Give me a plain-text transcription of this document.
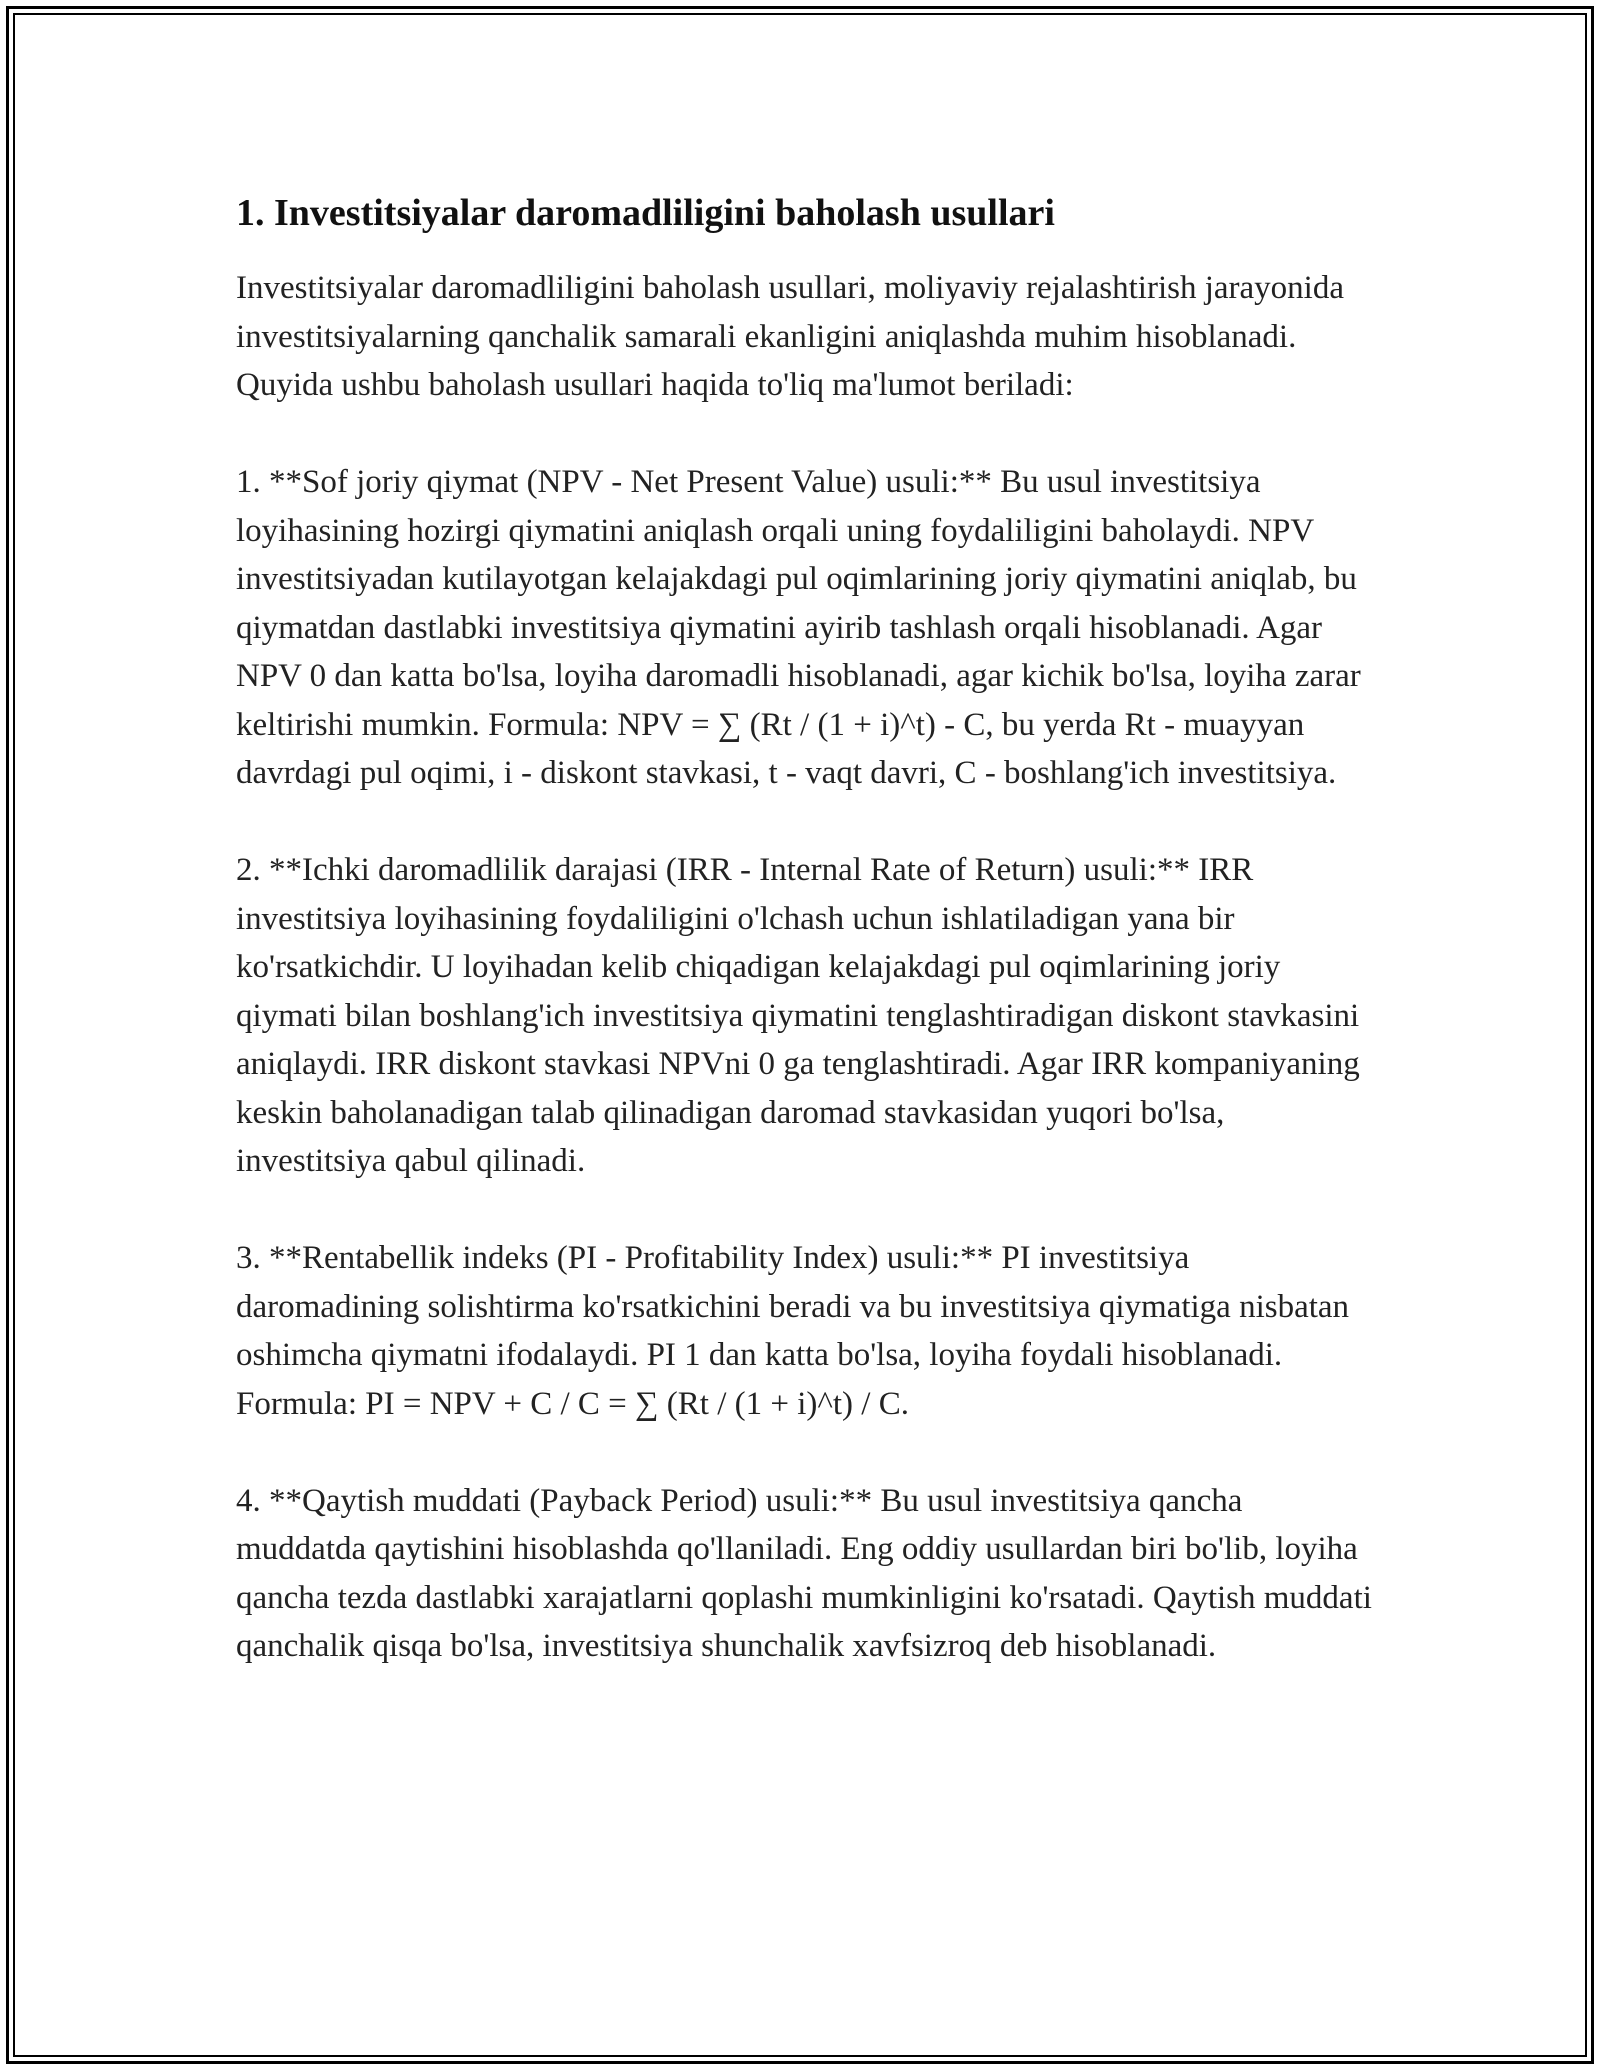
1. Investitsiyalar daromadliligini baholash usullari

Investitsiyalar daromadliligini baholash usullari, moliyaviy rejalashtirish jarayonida investitsiyalarning qanchalik samarali ekanligini aniqlashda muhim hisoblanadi. Quyida ushbu baholash usullari haqida to'liq ma'lumot beriladi:

1. **Sof joriy qiymat (NPV - Net Present Value) usuli:** Bu usul investitsiya loyihasining hozirgi qiymatini aniqlash orqali uning foydaliligini baholaydi. NPV investitsiyadan kutilayotgan kelajakdagi pul oqimlarining joriy qiymatini aniqlab, bu qiymatdan dastlabki investitsiya qiymatini ayirib tashlash orqali hisoblanadi. Agar NPV 0 dan katta bo'lsa, loyiha daromadli hisoblanadi, agar kichik bo'lsa, loyiha zarar keltirishi mumkin. Formula: NPV = ∑ (Rt / (1 + i)^t) - C, bu yerda Rt - muayyan davrdagi pul oqimi, i - diskont stavkasi, t - vaqt davri, C - boshlang'ich investitsiya.

2. **Ichki daromadlilik darajasi (IRR - Internal Rate of Return) usuli:** IRR investitsiya loyihasining foydaliligini o'lchash uchun ishlatiladigan yana bir ko'rsatkichdir. U loyihadan kelib chiqadigan kelajakdagi pul oqimlarining joriy qiymati bilan boshlang'ich investitsiya qiymatini tenglashtiradigan diskont stavkasini aniqlaydi. IRR diskont stavkasi NPVni 0 ga tenglashtiradi. Agar IRR kompaniyaning keskin baholanadigan talab qilinadigan daromad stavkasidan yuqori bo'lsa, investitsiya qabul qilinadi.

3. **Rentabellik indeks (PI - Profitability Index) usuli:** PI investitsiya daromadining solishtirma ko'rsatkichini beradi va bu investitsiya qiymatiga nisbatan oshimcha qiymatni ifodalaydi. PI 1 dan katta bo'lsa, loyiha foydali hisoblanadi. Formula: PI = NPV + C / C = ∑ (Rt / (1 + i)^t) / C.

4. **Qaytish muddati (Payback Period) usuli:** Bu usul investitsiya qancha muddatda qaytishini hisoblashda qo'llaniladi. Eng oddiy usullardan biri bo'lib, loyiha qancha tezda dastlabki xarajatlarni qoplashi mumkinligini ko'rsatadi. Qaytish muddati qanchalik qisqa bo'lsa, investitsiya shunchalik xavfsizroq deb hisoblanadi.
